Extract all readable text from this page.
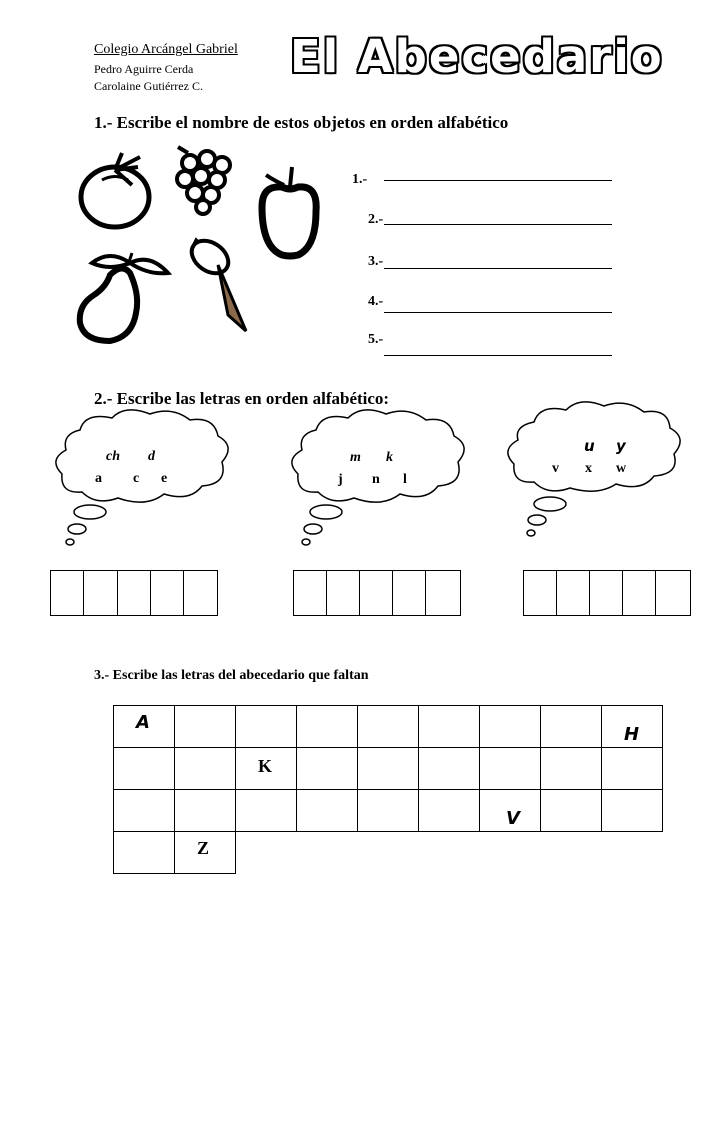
Colegio Arcángel Gabriel
Pedro Aguirre Cerda
Carolaine Gutiérrez C.
El Abecedario
1.- Escribe el nombre de estos objetos en orden alfabético
1.-
2.-
3.-
4.-
5.-
2.- Escribe las letras en orden alfabético:
ch d
a c e
m k
j n l
u y
v x w
3.- Escribe las letras del abecedario que faltan
A								H

		K						

						V		

	Z							
